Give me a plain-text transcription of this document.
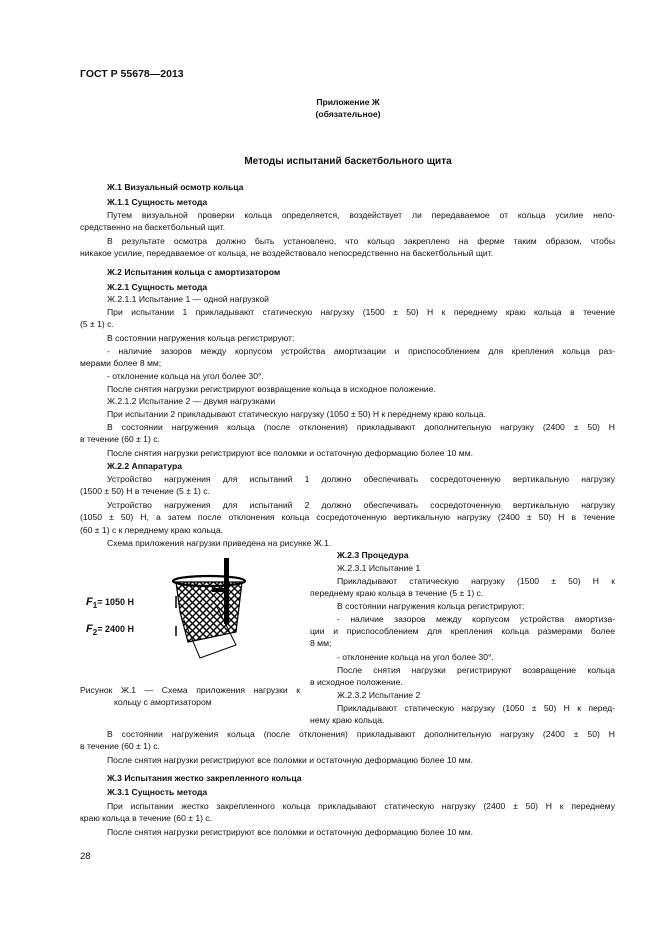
ГОСТ Р 55678—2013
Приложение Ж
(обязательное)
Методы испытаний баскетбольного щита
Ж.1 Визуальный осмотр кольца
Ж.1.1 Сущность метода
Путем визуальной проверки кольца определяется, воздействует ли передаваемое от кольца усилие непо-
средственно на баскетбольный щит.
В результате осмотра должно быть установлено, что кольцо закреплено на ферме таким образом, чтобы
никакое усилие, передаваемое от кольца, не воздействовало непосредственно на баскетбольный щит.
Ж.2 Испытания кольца с амортизатором
Ж.2.1 Сущность метода
Ж.2.1.1 Испытание 1 — одной нагрузкой
При испытании 1 прикладывают статическую нагрузку (1500 ± 50) Н к переднему краю кольца в течение
(5 ± 1) с.
В состоянии нагружения кольца регистрируют:
- наличие зазоров между корпусом устройства амортизации и приспособлением для крепления кольца раз-
мерами более 8 мм;
- отклонение кольца на угол более 30°.
После снятия нагрузки регистрируют возвращение кольца в исходное положение.
Ж.2.1.2 Испытание 2 — двумя нагрузками
При испытании 2 прикладывают статическую нагрузку (1050 ± 50) Н к переднему краю кольца.
В состоянии нагружения кольца (после отклонения) прикладывают дополнительную нагрузку (2400 ± 50) Н
в течение (60 ± 1) с.
После снятия нагрузки регистрируют все поломки и остаточную деформацию более 10 мм.
Ж.2.2 Аппаратура
Устройство нагружения для испытаний 1 должно обеспечивать сосредоточенную вертикальную нагрузку
(1500 ± 50) Н в течение (5 ± 1) с.
Устройство нагружения для испытаний 2 должно обеспечивать сосредоточенную вертикальную нагрузку
(1050 ± 50) Н, а затем после отклонения кольца сосредоточенную вертикальную нагрузку (2400 ± 50) Н в течение
(60 ± 1) с к переднему краю кольца.
Схема приложения нагрузки приведена на рисунке Ж.1.
Ж.2.3 Процедура
Ж.2.3.1 Испытание 1
Прикладывают статическую нагрузку (1500 ± 50) Н к
переднему краю кольца в течение (5 ± 1) с.
В состоянии нагружения кольца регистрируют:
- наличие зазоров между корпусом устройства амортиза-
ции и приспособлением для крепления кольца размерами более
8 мм;
- отклонение кольца на угол более 30°.
После снятия нагрузки регистрируют возвращение кольца
в исходное положение.
Ж.2.3.2 Испытание 2
Прикладывают статическую нагрузку (1050 ± 50) Н к перед-
нему краю кольца.
$F_1= 1050$ Н
$F_2= 2400$ Н
Рисунок Ж.1 — Схема приложения нагрузки к
кольцу с амортизатором
В состоянии нагружения кольца (после отклонения) прикладывают дополнительную нагрузку (2400 ± 50) Н
в течение (60 ± 1) с.
После снятия нагрузки регистрируют все поломки и остаточную деформацию более 10 мм.
Ж.3 Испытания жестко закрепленного кольца
Ж.3.1 Сущность метода
При испытании жестко закрепленного кольца прикладывают статическую нагрузку (2400 ± 50) Н к переднему
краю кольца в течение (60 ± 1) с.
После снятия нагрузки регистрируют все поломки и остаточную деформацию более 10 мм.
28
